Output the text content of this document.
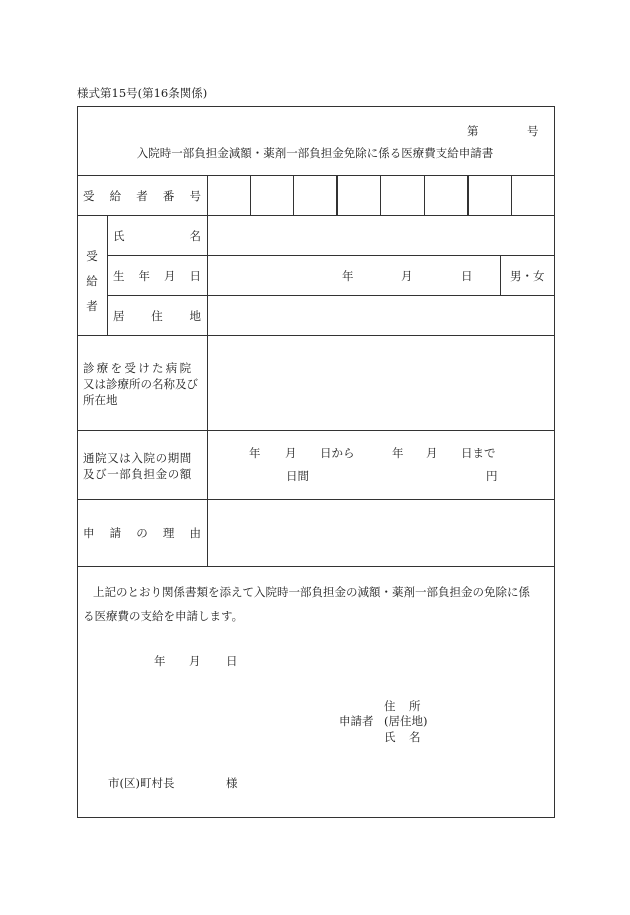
様式第15号(第16条関係)
第	号
入院時一部負担金減額・薬剤一部負担金免除に係る医療費支給申請書
受 給 者 番 号
受給者
氏	名
生 年 月 日	年	月	日	男・女
居 住 地
診療を受けた病院
又は診療所の名称及び
所在地
通院又は入院の期間
及び一部負担金の額
年 月 日から	年 月 日まで
日間	円
申 請 の 理 由
上記のとおり関係書類を添えて入院時一部負担金の減額・薬剤一部負担金の免除に係
る医療費の支給を申請します。
年 月 日
住　所
申請者 (居住地)
氏　名
市(区)町村長	様
